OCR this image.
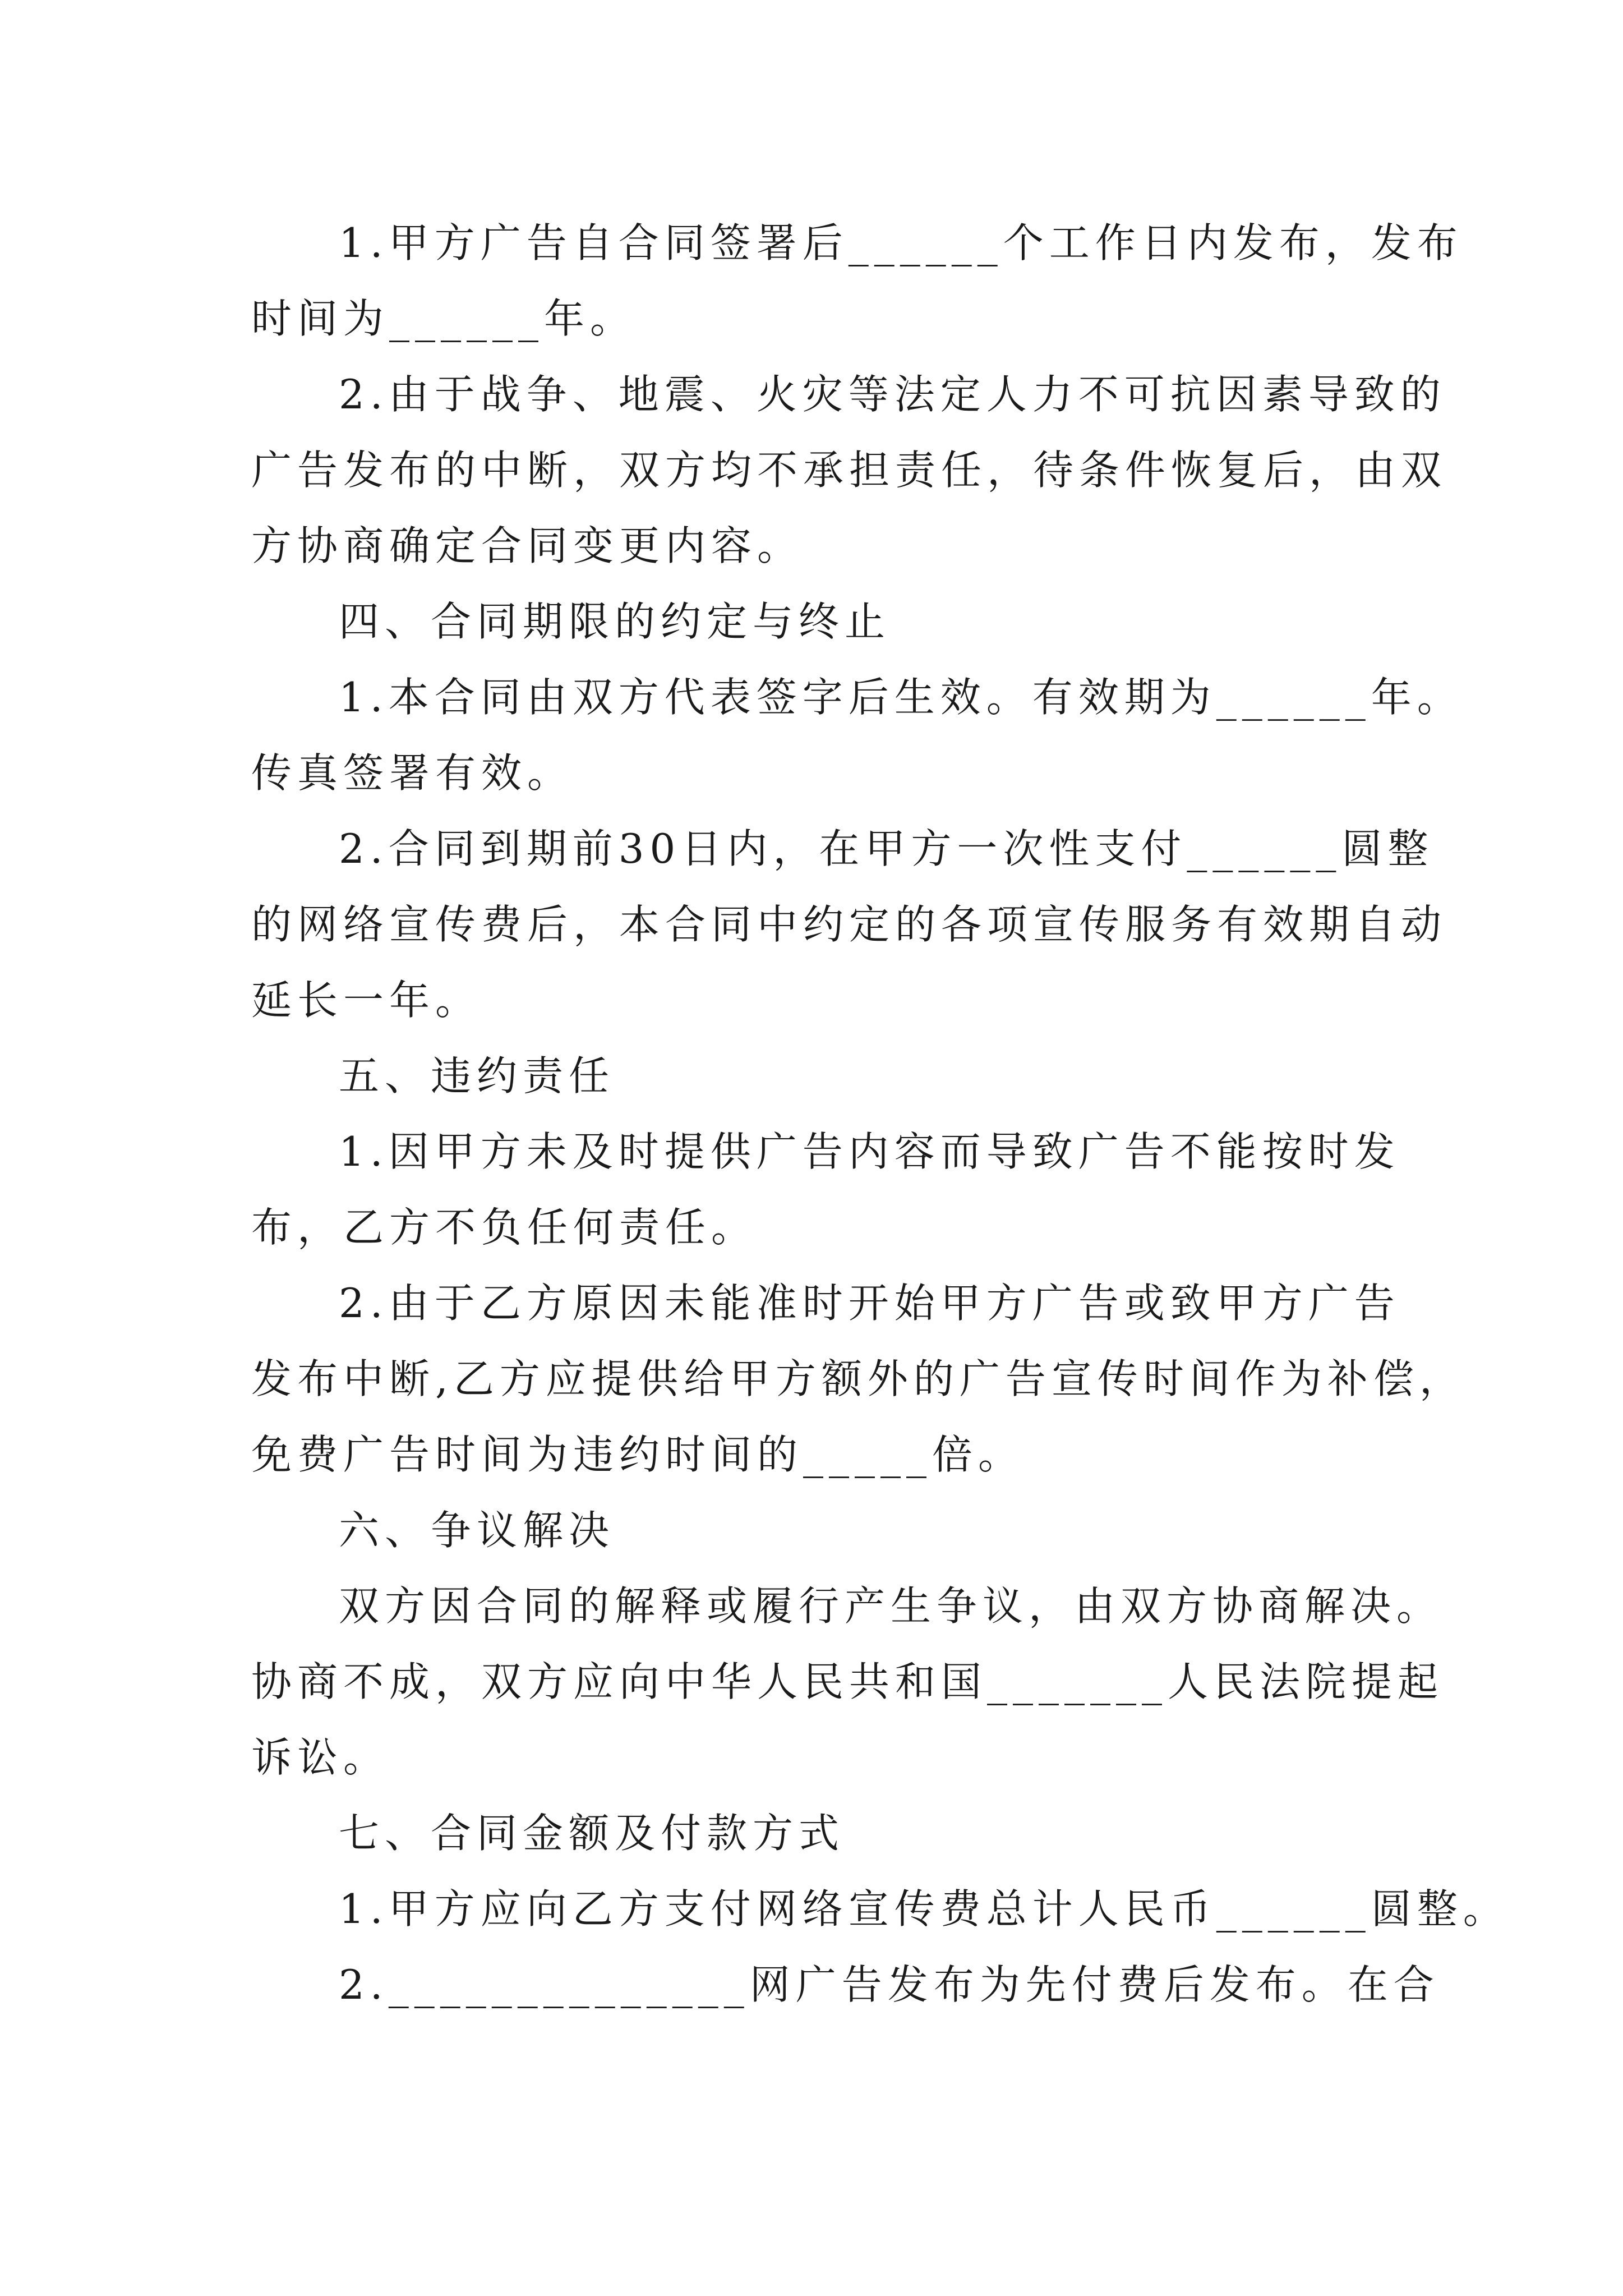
1.甲方广告自合同签署后______个工作日内发布，发布
时间为______年。
2.由于战争、地震、火灾等法定人力不可抗因素导致的
广告发布的中断，双方均不承担责任，待条件恢复后，由双
方协商确定合同变更内容。
四、合同期限的约定与终止
1.本合同由双方代表签字后生效。有效期为______年。
传真签署有效。
2.合同到期前30日内，在甲方一次性支付______圆整
的网络宣传费后，本合同中约定的各项宣传服务有效期自动
延长一年。
五、违约责任
1.因甲方未及时提供广告内容而导致广告不能按时发
布，乙方不负任何责任。
2.由于乙方原因未能准时开始甲方广告或致甲方广告
发布中断,乙方应提供给甲方额外的广告宣传时间作为补偿，
免费广告时间为违约时间的_____倍。
六、争议解决
双方因合同的解释或履行产生争议，由双方协商解决。
协商不成，双方应向中华人民共和国_______人民法院提起
诉讼。
七、合同金额及付款方式
1.甲方应向乙方支付网络宣传费总计人民币______圆整。
2.______________网广告发布为先付费后发布。在合
